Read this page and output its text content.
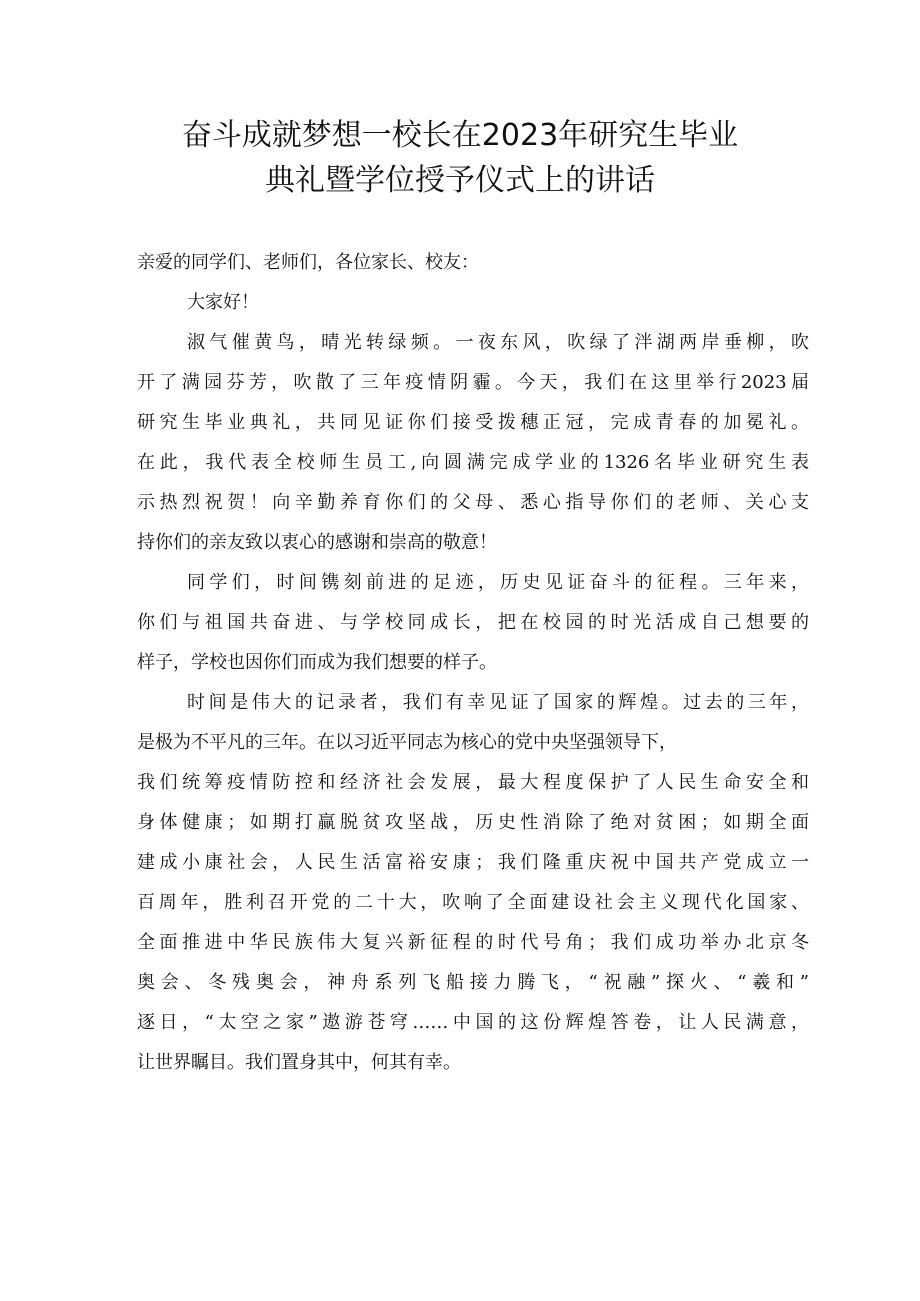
奋斗成就梦想一校长在2023年研究生毕业
典礼暨学位授予仪式上的讲话
亲爱的同学们、老师们，各位家长、校友：
大家好！
淑气催黄鸟，晴光转绿频。一夜东风，吹绿了泮湖两岸垂柳，吹
开了满园芬芳，吹散了三年疫情阴霾。今天，我们在这里举行2023届
研究生毕业典礼，共同见证你们接受拨穗正冠，完成青春的加冕礼。
在此，我代表全校师生员工,向圆满完成学业的1326名毕业研究生表
示热烈祝贺！向辛勤养育你们的父母、悉心指导你们的老师、关心支
持你们的亲友致以衷心的感谢和崇高的敬意！
同学们，时间镌刻前进的足迹，历史见证奋斗的征程。三年来，
你们与祖国共奋进、与学校同成长，把在校园的时光活成自己想要的
样子，学校也因你们而成为我们想要的样子。
时间是伟大的记录者，我们有幸见证了国家的辉煌。过去的三年，
是极为不平凡的三年。在以习近平同志为核心的党中央坚强领导下，
我们统筹疫情防控和经济社会发展，最大程度保护了人民生命安全和
身体健康；如期打赢脱贫攻坚战，历史性消除了绝对贫困；如期全面
建成小康社会，人民生活富裕安康；我们隆重庆祝中国共产党成立一
百周年，胜利召开党的二十大，吹响了全面建设社会主义现代化国家、
全面推进中华民族伟大复兴新征程的时代号角；我们成功举办北京冬
奥会、冬残奥会，神舟系列飞船接力腾飞，“祝融”探火、“羲和”
逐日，“太空之家”遨游苍穹……中国的这份辉煌答卷，让人民满意，
让世界瞩目。我们置身其中，何其有幸。
